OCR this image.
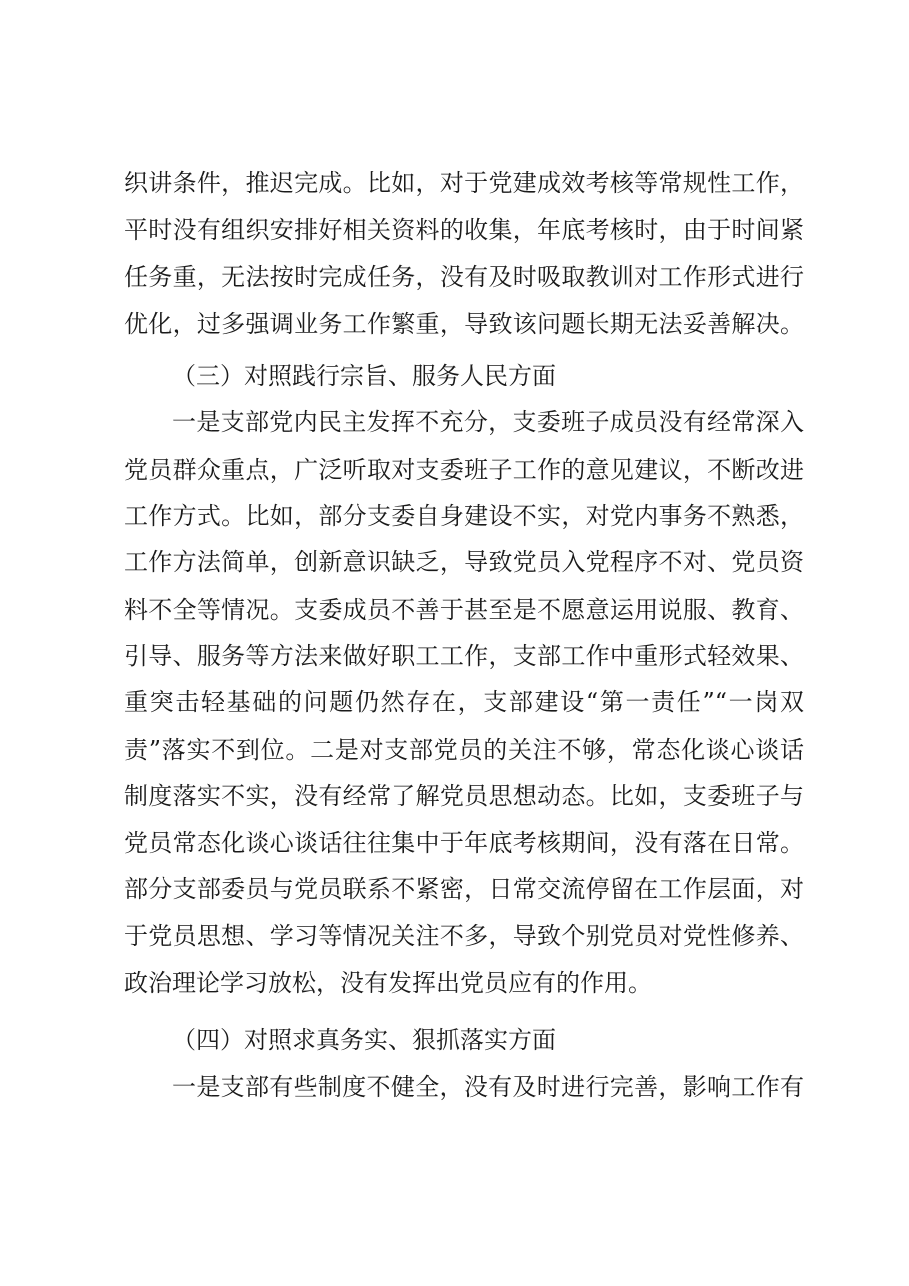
织讲条件，推迟完成。比如，对于党建成效考核等常规性工作，
平时没有组织安排好相关资料的收集，年底考核时，由于时间紧
任务重，无法按时完成任务，没有及时吸取教训对工作形式进行
优化，过多强调业务工作繁重，导致该问题长期无法妥善解决。
（三）对照践行宗旨、服务人民方面
一是支部党内民主发挥不充分，支委班子成员没有经常深入
党员群众重点，广泛听取对支委班子工作的意见建议，不断改进
工作方式。比如，部分支委自身建设不实，对党内事务不熟悉，
工作方法简单，创新意识缺乏，导致党员入党程序不对、党员资
料不全等情况。支委成员不善于甚至是不愿意运用说服、教育、
引导、服务等方法来做好职工工作，支部工作中重形式轻效果、
重突击轻基础的问题仍然存在，支部建设“第一责任”“一岗双
责”落实不到位。二是对支部党员的关注不够，常态化谈心谈话
制度落实不实，没有经常了解党员思想动态。比如，支委班子与
党员常态化谈心谈话往往集中于年底考核期间，没有落在日常。
部分支部委员与党员联系不紧密，日常交流停留在工作层面，对
于党员思想、学习等情况关注不多，导致个别党员对党性修养、
政治理论学习放松，没有发挥出党员应有的作用。
（四）对照求真务实、狠抓落实方面
一是支部有些制度不健全，没有及时进行完善，影响工作有
